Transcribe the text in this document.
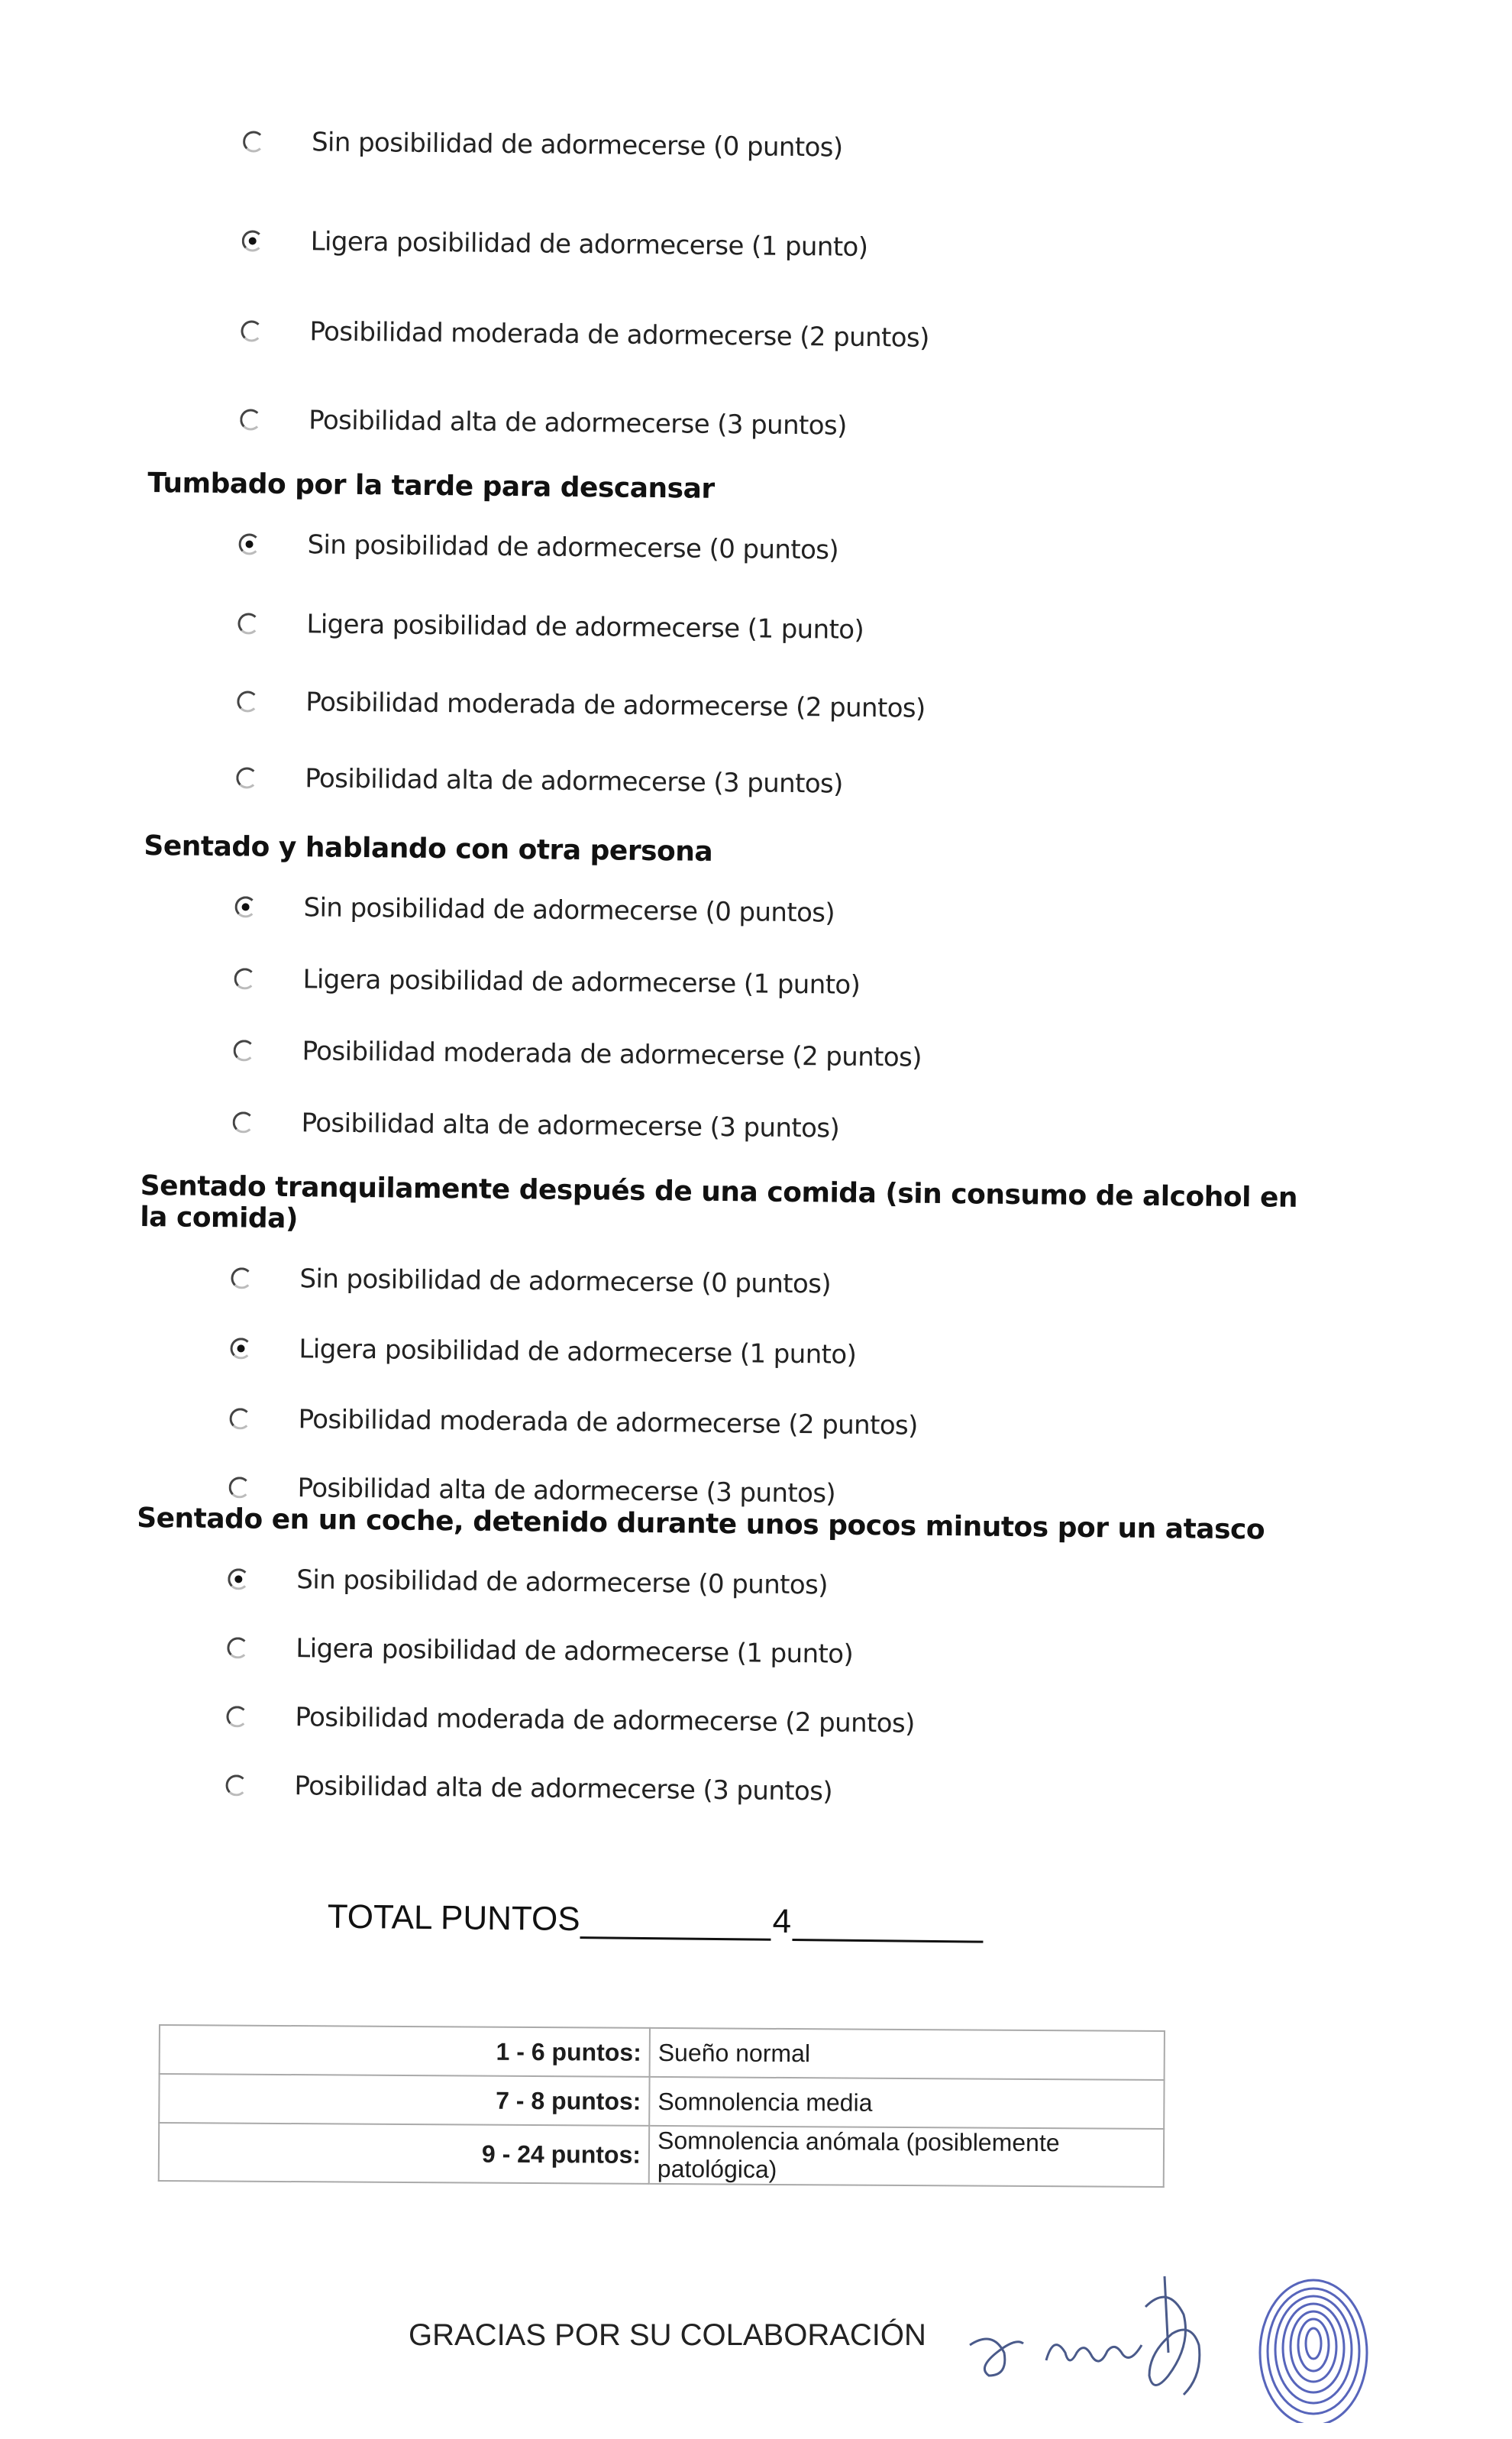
Sin posibilidad de adormecerse (0 puntos)
Ligera posibilidad de adormecerse (1 punto)
Posibilidad moderada de adormecerse (2 puntos)
Posibilidad alta de adormecerse (3 puntos)
Tumbado por la tarde para descansar
Sin posibilidad de adormecerse (0 puntos)
Ligera posibilidad de adormecerse (1 punto)
Posibilidad moderada de adormecerse (2 puntos)
Posibilidad alta de adormecerse (3 puntos)
Sentado y hablando con otra persona
Sin posibilidad de adormecerse (0 puntos)
Ligera posibilidad de adormecerse (1 punto)
Posibilidad moderada de adormecerse (2 puntos)
Posibilidad alta de adormecerse (3 puntos)
Sentado tranquilamente después de una comida (sin consumo de alcohol en la comida)
Sin posibilidad de adormecerse (0 puntos)
Ligera posibilidad de adormecerse (1 punto)
Posibilidad moderada de adormecerse (2 puntos)
Posibilidad alta de adormecerse (3 puntos)
Sentado en un coche, detenido durante unos pocos minutos por un atasco
Sin posibilidad de adormecerse (0 puntos)
Ligera posibilidad de adormecerse (1 punto)
Posibilidad moderada de adormecerse (2 puntos)
Posibilidad alta de adormecerse (3 puntos)
TOTAL PUNTOS	4
1 - 6 puntos:	Sueño normal
7 - 8 puntos:	Somnolencia media
9 - 24 puntos:	Somnolencia anómala (posiblemente patológica)
GRACIAS POR SU COLABORACIÓN
